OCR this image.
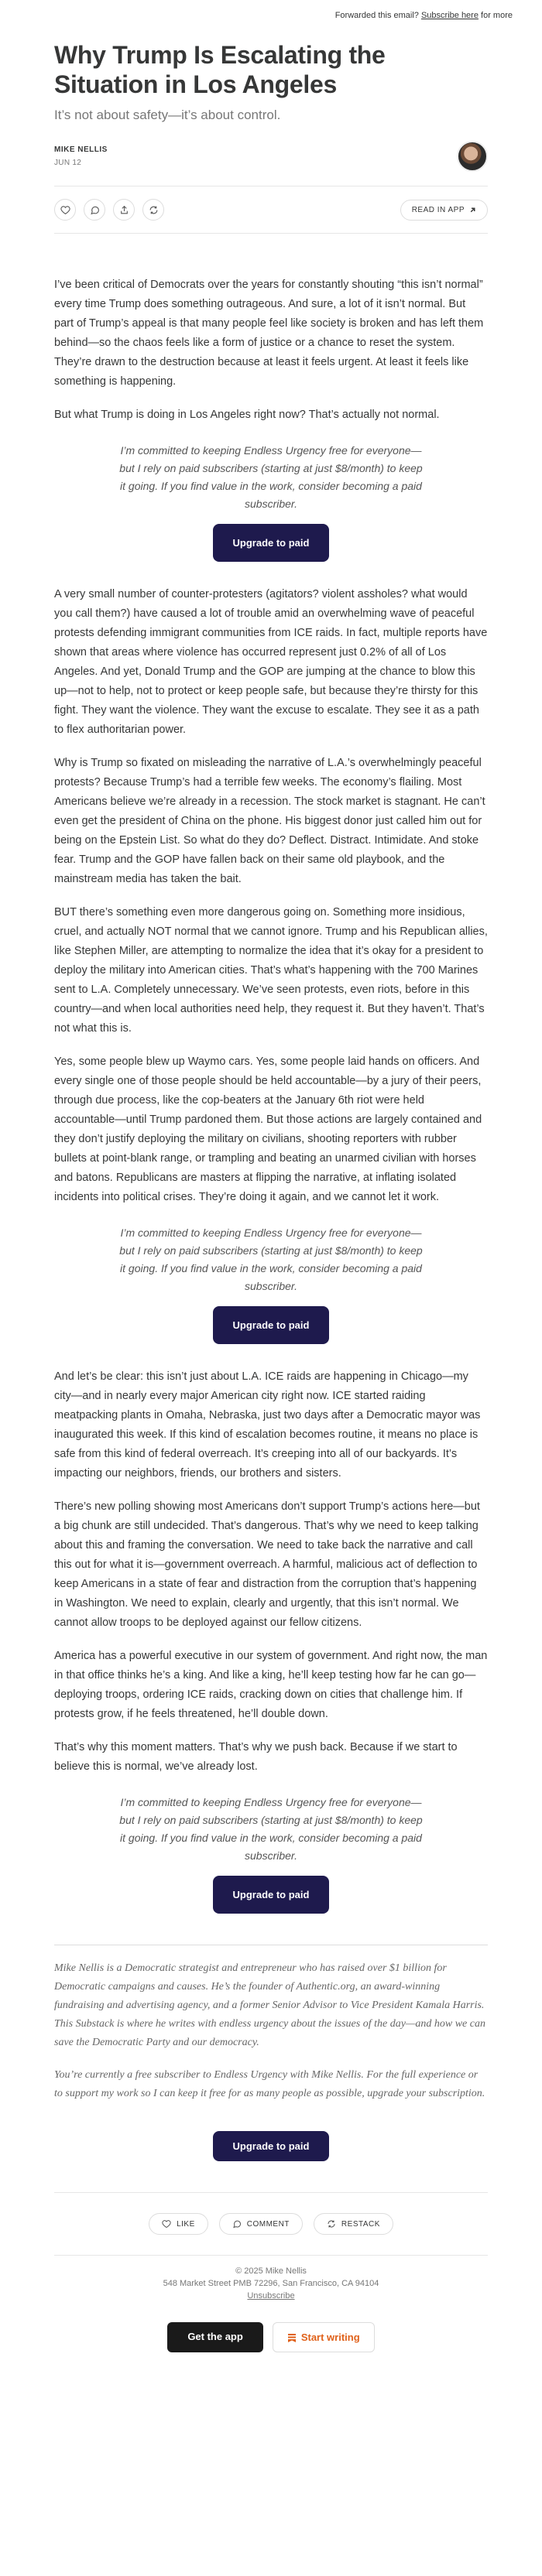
Forwarded this email? Subscribe here for more
Why Trump Is Escalating the Situation in Los Angeles
It’s not about safety—it’s about control.
MIKE NELLIS
JUN 12
READ IN APP

I’ve been critical of Democrats over the years for constantly shouting “this isn’t normal” every time Trump does something outrageous. And sure, a lot of it isn’t normal. But part of Trump’s appeal is that many people feel like society is broken and has left them behind—so the chaos feels like a form of justice or a chance to reset the system. They’re drawn to the destruction because at least it feels urgent. At least it feels like something is happening.

But what Trump is doing in Los Angeles right now? That’s actually not normal.

I’m committed to keeping Endless Urgency free for everyone—but I rely on paid subscribers (starting at just $8/month) to keep it going. If you find value in the work, consider becoming a paid subscriber.
Upgrade to paid

A very small number of counter-protesters (agitators? violent assholes? what would you call them?) have caused a lot of trouble amid an overwhelming wave of peaceful protests defending immigrant communities from ICE raids. In fact, multiple reports have shown that areas where violence has occurred represent just 0.2% of all of Los Angeles. And yet, Donald Trump and the GOP are jumping at the chance to blow this up—not to help, not to protect or keep people safe, but because they’re thirsty for this fight. They want the violence. They want the excuse to escalate. They see it as a path to flex authoritarian power.

Why is Trump so fixated on misleading the narrative of L.A.’s overwhelmingly peaceful protests? Because Trump’s had a terrible few weeks. The economy’s flailing. Most Americans believe we’re already in a recession. The stock market is stagnant. He can’t even get the president of China on the phone. His biggest donor just called him out for being on the Epstein List. So what do they do? Deflect. Distract. Intimidate. And stoke fear. Trump and the GOP have fallen back on their same old playbook, and the mainstream media has taken the bait.

BUT there’s something even more dangerous going on. Something more insidious, cruel, and actually NOT normal that we cannot ignore. Trump and his Republican allies, like Stephen Miller, are attempting to normalize the idea that it’s okay for a president to deploy the military into American cities. That’s what’s happening with the 700 Marines sent to L.A. Completely unnecessary. We’ve seen protests, even riots, before in this country—and when local authorities need help, they request it. But they haven’t. That’s not what this is.

Yes, some people blew up Waymo cars. Yes, some people laid hands on officers. And every single one of those people should be held accountable—by a jury of their peers, through due process, like the cop-beaters at the January 6th riot were held accountable—until Trump pardoned them. But those actions are largely contained and they don’t justify deploying the military on civilians, shooting reporters with rubber bullets at point-blank range, or trampling and beating an unarmed civilian with horses and batons. Republicans are masters at flipping the narrative, at inflating isolated incidents into political crises. They’re doing it again, and we cannot let it work.

I’m committed to keeping Endless Urgency free for everyone—but I rely on paid subscribers (starting at just $8/month) to keep it going. If you find value in the work, consider becoming a paid subscriber.
Upgrade to paid

And let’s be clear: this isn’t just about L.A. ICE raids are happening in Chicago—my city—and in nearly every major American city right now. ICE started raiding meatpacking plants in Omaha, Nebraska, just two days after a Democratic mayor was inaugurated this week. If this kind of escalation becomes routine, it means no place is safe from this kind of federal overreach. It’s creeping into all of our backyards. It’s impacting our neighbors, friends, our brothers and sisters.

There’s new polling showing most Americans don’t support Trump’s actions here—but a big chunk are still undecided. That’s dangerous. That’s why we need to keep talking about this and framing the conversation. We need to take back the narrative and call this out for what it is—government overreach. A harmful, malicious act of deflection to keep Americans in a state of fear and distraction from the corruption that’s happening in Washington. We need to explain, clearly and urgently, that this isn’t normal. We cannot allow troops to be deployed against our fellow citizens.

America has a powerful executive in our system of government. And right now, the man in that office thinks he’s a king. And like a king, he’ll keep testing how far he can go—deploying troops, ordering ICE raids, cracking down on cities that challenge him. If protests grow, if he feels threatened, he’ll double down.

That’s why this moment matters. That’s why we push back. Because if we start to believe this is normal, we’ve already lost.

I’m committed to keeping Endless Urgency free for everyone—but I rely on paid subscribers (starting at just $8/month) to keep it going. If you find value in the work, consider becoming a paid subscriber.
Upgrade to paid

Mike Nellis is a Democratic strategist and entrepreneur who has raised over $1 billion for Democratic campaigns and causes. He’s the founder of Authentic.org, an award-winning fundraising and advertising agency, and a former Senior Advisor to Vice President Kamala Harris. This Substack is where he writes with endless urgency about the issues of the day—and how we can save the Democratic Party and our democracy.

You’re currently a free subscriber to Endless Urgency with Mike Nellis. For the full experience or to support my work so I can keep it free for as many people as possible, upgrade your subscription.

Upgrade to paid
LIKE	COMMENT	RESTACK
© 2025 Mike Nellis
548 Market Street PMB 72296, San Francisco, CA 94104
Unsubscribe
Get the app	Start writing
